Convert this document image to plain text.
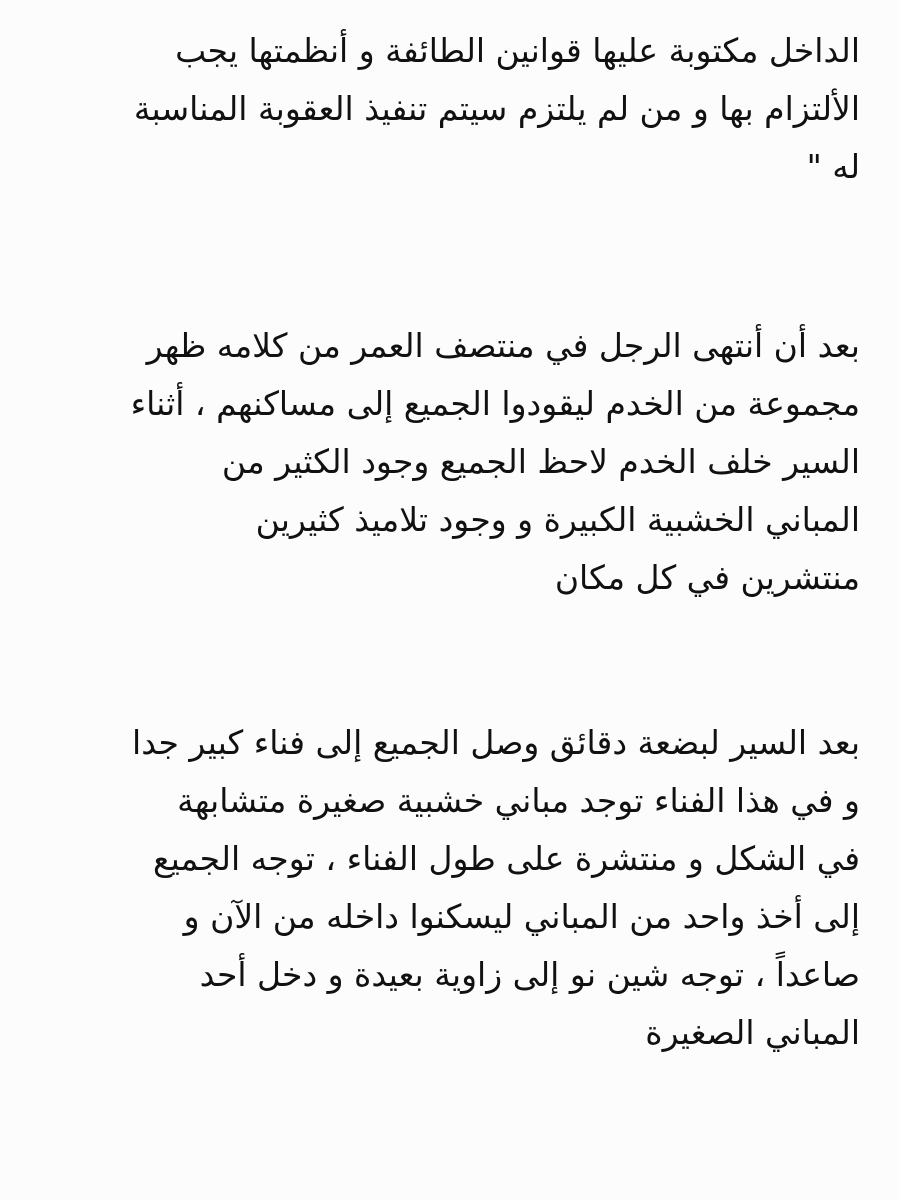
الداخل مكتوبة عليها قوانين الطائفة و أنظمتها يجب
الألتزام بها و من لم يلتزم سيتم تنفيذ العقوبة المناسبة
له "
بعد أن أنتهى الرجل في منتصف العمر من كلامه ظهر
مجموعة من الخدم ليقودوا الجميع إلى مساكنهم ، أثناء
السير خلف الخدم لاحظ الجميع وجود الكثير من
المباني الخشبية الكبيرة و وجود تلاميذ كثيرين
منتشرين في كل مكان
بعد السير لبضعة دقائق وصل الجميع إلى فناء كبير جدا
و في هذا الفناء توجد مباني خشبية صغيرة متشابهة
في الشكل و منتشرة على طول الفناء ، توجه الجميع
إلى أخذ واحد من المباني ليسكنوا داخله من الآن و
صاعداً ، توجه شين نو إلى زاوية بعيدة و دخل أحد
المباني الصغيرة
